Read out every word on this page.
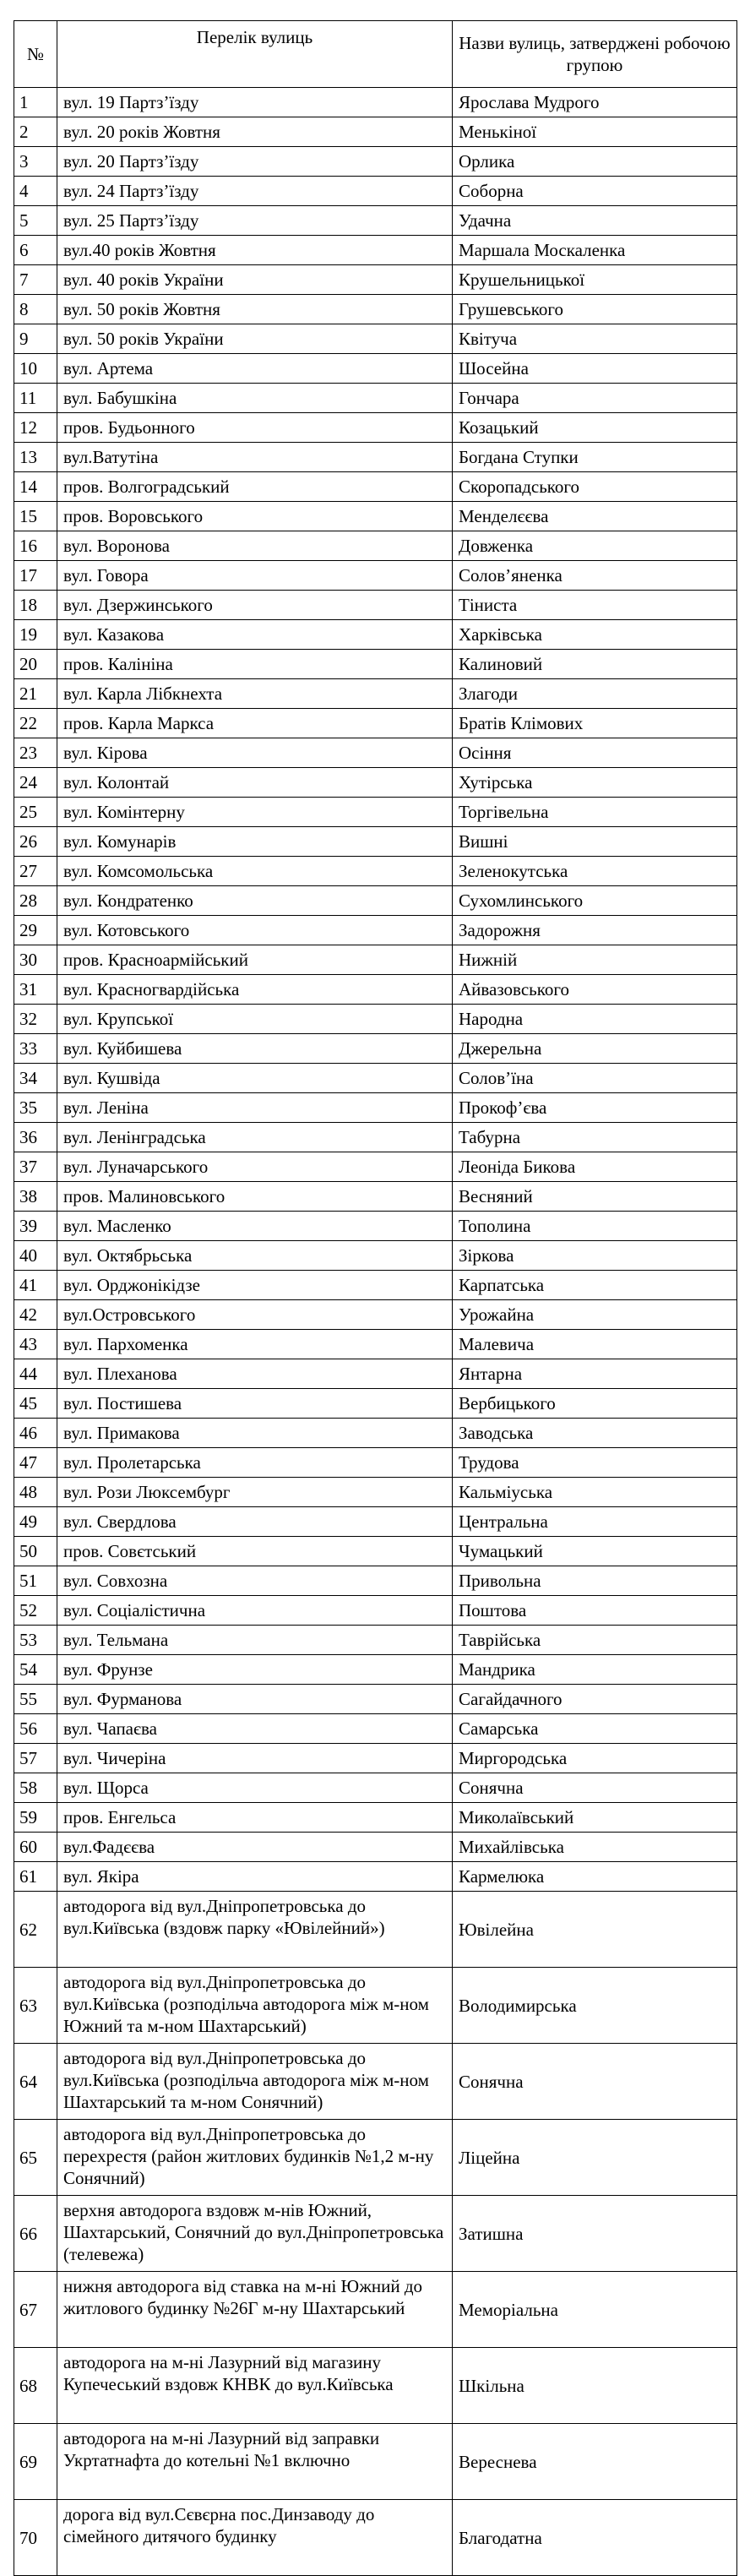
№	Перелік вулиць	Назви вулиць, затверджені робочою групою
1	вул. 19 Партз’їзду	Ярослава Мудрого
2	вул. 20 років Жовтня	Менькіної
3	вул. 20 Партз’їзду	Орлика
4	вул. 24 Партз’їзду	Соборна
5	вул. 25 Партз’їзду	Удачна
6	вул.40 років Жовтня	Маршала Москаленка
7	вул. 40 років України	Крушельницької
8	вул. 50 років Жовтня	Грушевського
9	вул. 50 років України	Квітуча
10	вул. Артема	Шосейна
11	вул. Бабушкіна	Гончара
12	пров. Будьонного	Козацький
13	вул.Ватутіна	Богдана Ступки
14	пров. Волгоградський	Скоропадського
15	пров. Воровського	Менделєєва
16	вул. Воронова	Довженка
17	вул. Говора	Солов’яненка
18	вул. Дзержинського	Тіниста
19	вул. Казакова	Харківська
20	пров. Калініна	Калиновий
21	вул. Карла Лібкнехта	Злагоди
22	пров. Карла Маркса	Братів Клімових
23	вул. Кірова	Осіння
24	вул. Колонтай	Хутірська
25	вул. Комінтерну	Торгівельна
26	вул. Комунарів	Вишні
27	вул. Комсомольська	Зеленокутська
28	вул. Кондратенко	Сухомлинського
29	вул. Котовського	Задорожня
30	пров. Красноармійський	Нижній
31	вул. Красногвардійська	Айвазовського
32	вул. Крупської	Народна
33	вул. Куйбишева	Джерельна
34	вул. Кушвіда	Солов’їна
35	вул. Леніна	Прокоф’єва
36	вул. Ленінградська	Табурна
37	вул. Луначарського	Леоніда Бикова
38	пров. Малиновського	Весняний
39	вул. Масленко	Тополина
40	вул. Октябрьська	Зіркова
41	вул. Орджонікідзе	Карпатська
42	вул.Островського	Урожайна
43	вул. Пархоменка	Малевича
44	вул. Плеханова	Янтарна
45	вул. Постишева	Вербицького
46	вул. Примакова	Заводська
47	вул. Пролетарська	Трудова
48	вул. Рози Люксембург	Кальміуська
49	вул. Свердлова	Центральна
50	пров. Совєтський	Чумацький
51	вул. Совхозна	Привольна
52	вул. Соціалістична	Поштова
53	вул. Тельмана	Таврійська
54	вул. Фрунзе	Мандрика
55	вул. Фурманова	Сагайдачного
56	вул. Чапаєва	Самарська
57	вул. Чичеріна	Миргородська
58	вул. Щорса	Сонячна
59	пров. Енгельса	Миколаївський
60	вул.Фадєєва	Михайлівська
61	вул. Якіра	Кармелюка
62	автодорога від вул.Дніпропетровська до вул.Київська (вздовж парку «Ювілейний»)	Ювілейна
63	автодорога від вул.Дніпропетровська до вул.Київська (розподільча автодорога між м-ном Южний та м-ном Шахтарський)	Володимирська
64	автодорога від вул.Дніпропетровська до вул.Київська (розподільча автодорога між м-ном Шахтарський та м-ном Сонячний)	Сонячна
65	автодорога від вул.Дніпропетровська до перехрестя (район житлових будинків №1,2 м-ну Сонячний)	Ліцейна
66	верхня автодорога вздовж м-нів Южний, Шахтарський, Сонячний до вул.Дніпропетровська (телевежа)	Затишна
67	нижня автодорога від ставка на м-ні Южний до житлового будинку №26Г м-ну Шахтарський	Меморіальна
68	автодорога на м-ні Лазурний від магазину Купечеський вздовж КНВК до вул.Київська	Шкільна
69	автодорога на м-ні Лазурний від заправки Укртатнафта до котельні №1 включно	Вереснева
70	дорога від вул.Сєвєрна пос.Динзаводу до сімейного дитячого будинку	Благодатна
